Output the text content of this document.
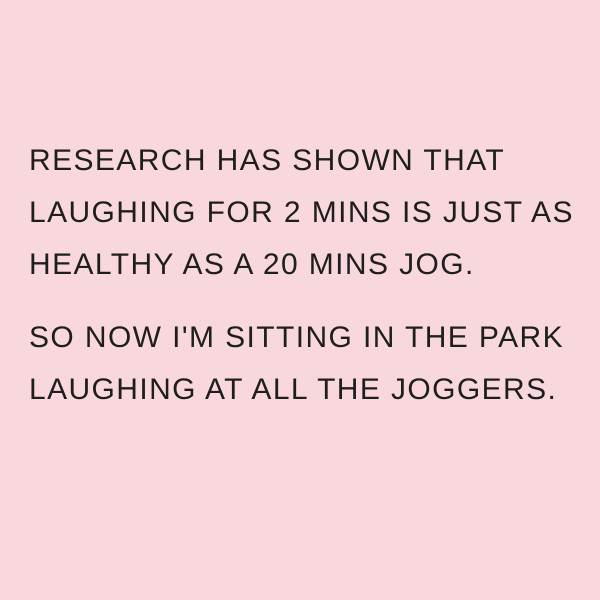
RESEARCH HAS SHOWN THAT
LAUGHING FOR 2 MINS IS JUST AS
HEALTHY AS A 20 MINS JOG.

SO NOW I'M SITTING IN THE PARK
LAUGHING AT ALL THE JOGGERS.
